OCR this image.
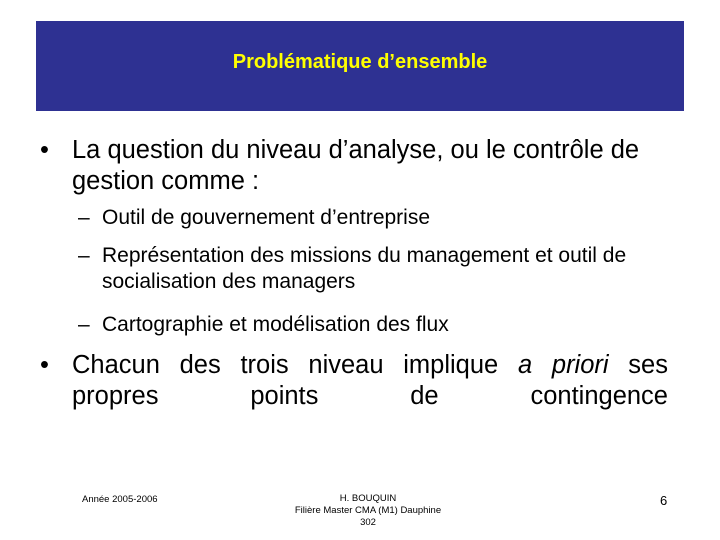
Problématique d’ensemble
• La question du niveau d’analyse, ou le contrôle de gestion comme :
– Outil de gouvernement d’entreprise
– Représentation des missions du management et outil de socialisation des managers
– Cartographie et modélisation des flux
• Chacun des trois niveau implique a priori ses propres points de contingence
Année 2005-2006	H. BOUQUIN
Filière Master CMA (M1) Dauphine
302
6
